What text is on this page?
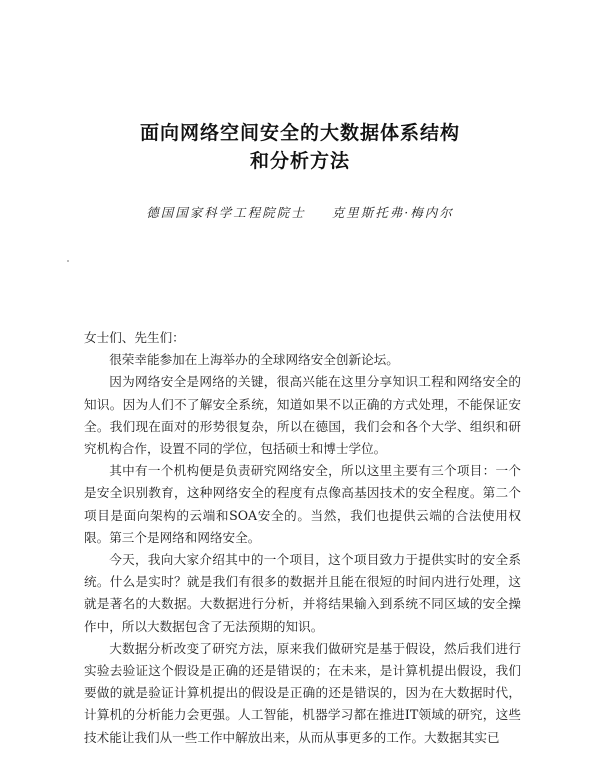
面向网络空间安全的大数据体系结构
和分析方法
德国国家科学工程院院士 克里斯托弗·梅内尔

女士们、先生们：

很荣幸能参加在上海举办的全球网络安全创新论坛。

因为网络安全是网络的关键，很高兴能在这里分享知识工程和网络安全的知识。因为人们不了解安全系统，知道如果不以正确的方式处理，不能保证安全。我们现在面对的形势很复杂，所以在德国，我们会和各个大学、组织和研究机构合作，设置不同的学位，包括硕士和博士学位。

其中有一个机构便是负责研究网络安全，所以这里主要有三个项目：一个是安全识别教育，这种网络安全的程度有点像高基因技术的安全程度。第二个项目是面向架构的云端和SOA安全的。当然，我们也提供云端的合法使用权限。第三个是网络和网络安全。

今天，我向大家介绍其中的一个项目，这个项目致力于提供实时的安全系统。什么是实时？就是我们有很多的数据并且能在很短的时间内进行处理，这就是著名的大数据。大数据进行分析，并将结果输入到系统不同区域的安全操作中，所以大数据包含了无法预期的知识。

大数据分析改变了研究方法，原来我们做研究是基于假设，然后我们进行实验去验证这个假设是正确的还是错误的；在未来，是计算机提出假设，我们要做的就是验证计算机提出的假设是正确的还是错误的，因为在大数据时代，计算机的分析能力会更强。人工智能，机器学习都在推进IT领域的研究，这些技术能让我们从一些工作中解放出来，从而从事更多的工作。大数据其实已
